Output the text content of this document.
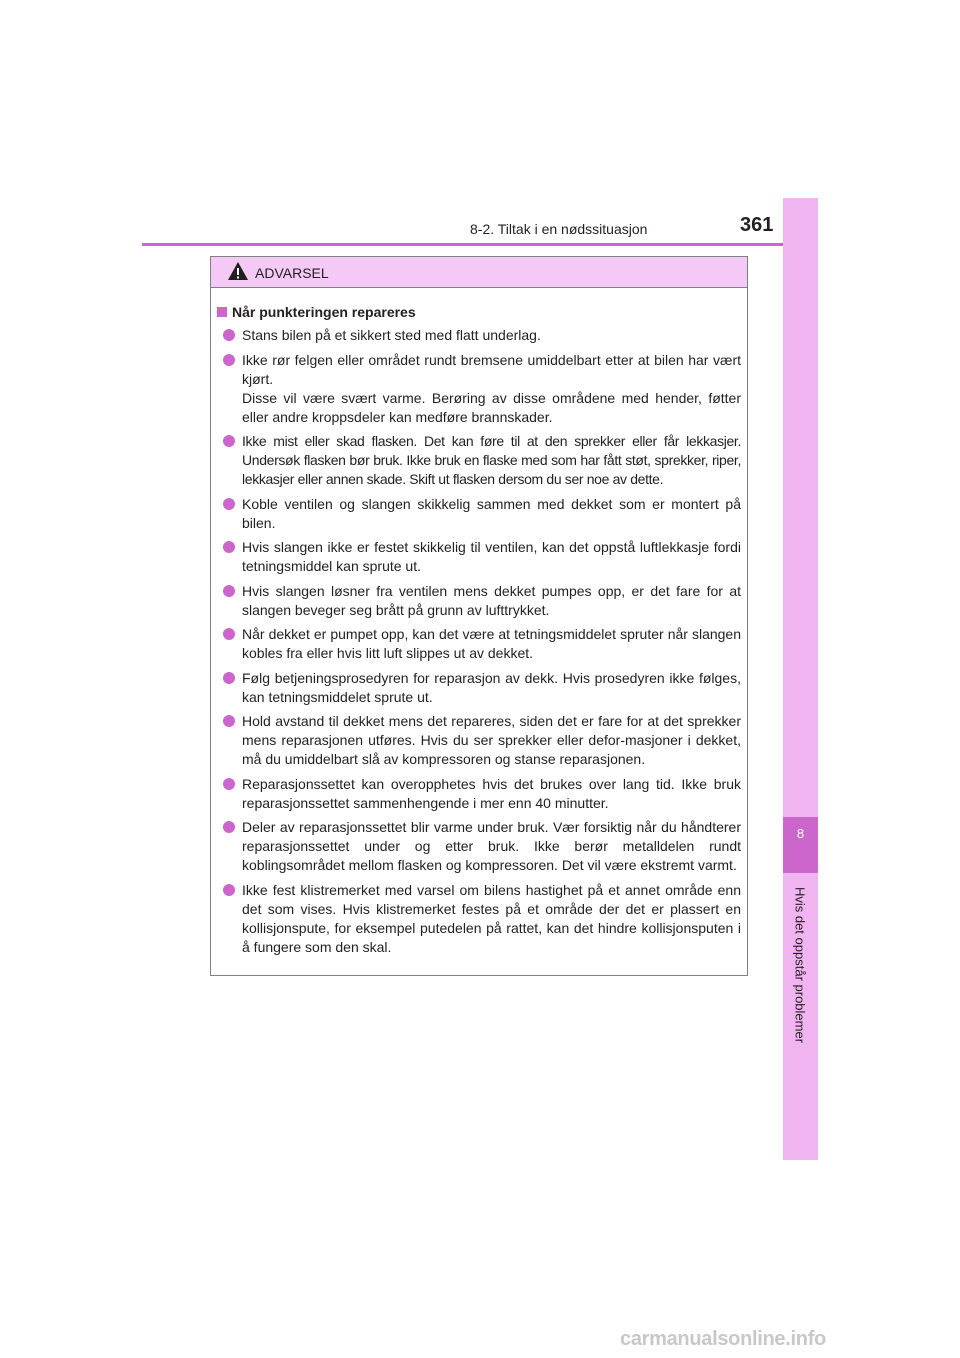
8-2. Tiltak i en nødssituasjon	361
8
Hvis det oppstår problemer
ADVARSEL
Når punkteringen repareres
Stans bilen på et sikkert sted med flatt underlag.
Ikke rør felgen eller området rundt bremsene umiddelbart etter at bilen har vært kjørt.
Disse vil være svært varme. Berøring av disse områdene med hender, føtter eller andre kroppsdeler kan medføre brannskader.
Ikke mist eller skad flasken. Det kan føre til at den sprekker eller får lekkasjer. Undersøk flasken bør bruk. Ikke bruk en flaske med som har fått støt, sprekker, riper, lekkasjer eller annen skade. Skift ut flasken dersom du ser noe av dette.
Koble ventilen og slangen skikkelig sammen med dekket som er montert på bilen.
Hvis slangen ikke er festet skikkelig til ventilen, kan det oppstå luftlekkasje fordi tetningsmiddel kan sprute ut.
Hvis slangen løsner fra ventilen mens dekket pumpes opp, er det fare for at slangen beveger seg brått på grunn av lufttrykket.
Når dekket er pumpet opp, kan det være at tetningsmiddelet spruter når slangen kobles fra eller hvis litt luft slippes ut av dekket.
Følg betjeningsprosedyren for reparasjon av dekk. Hvis prosedyren ikke følges, kan tetningsmiddelet sprute ut.
Hold avstand til dekket mens det repareres, siden det er fare for at det sprekker mens reparasjonen utføres. Hvis du ser sprekker eller defor-masjoner i dekket, må du umiddelbart slå av kompressoren og stanse reparasjonen.
Reparasjonssettet kan overopphetes hvis det brukes over lang tid. Ikke bruk reparasjonssettet sammenhengende i mer enn 40 minutter.
Deler av reparasjonssettet blir varme under bruk. Vær forsiktig når du håndterer reparasjonssettet under og etter bruk. Ikke berør metalldelen rundt koblingsområdet mellom flasken og kompressoren. Det vil være ekstremt varmt.
Ikke fest klistremerket med varsel om bilens hastighet på et annet område enn det som vises. Hvis klistremerket festes på et område der det er plassert en kollisjonspute, for eksempel putedelen på rattet, kan det hindre kollisjonsputen i å fungere som den skal.
carmanualsonline.info
